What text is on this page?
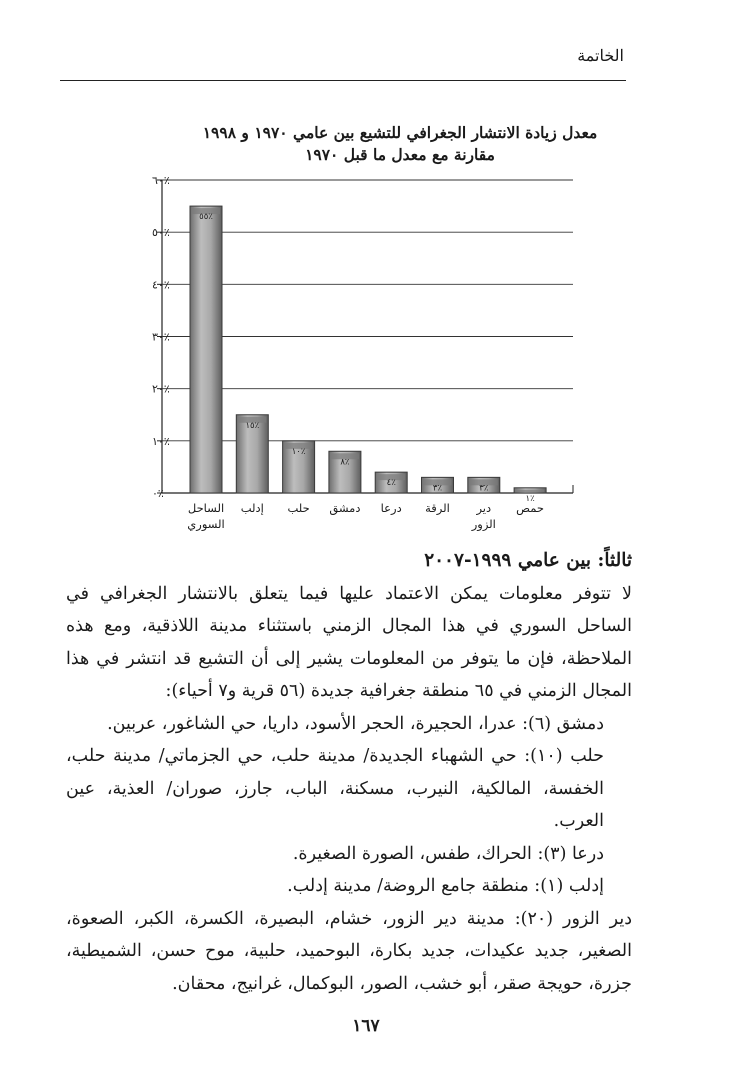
الخاتمة
معدل زيادة الانتشار الجغرافي للتشيع بين عامي ١٩٧٠ و ١٩٩٨
مقارنة مع معدل ما قبل ١٩٧٠
٪٠
٪١٠
٪٢٠
٪٣٠
٪٤٠
٪٥٠
٪٦٠
٪٥٥
الساحل
السوري
٪١٥
إدلب
٪١٠
حلب
٪٨
دمشق
٪٤
درعا
٪٣
الرقة
٪٣
دير
الزور
٪١
حمص

ثالثاً: بين عامي ١٩٩٩-٢٠٠٧

لا تتوفر معلومات يمكن الاعتماد عليها فيما يتعلق بالانتشار الجغرافي في الساحل السوري في هذا المجال الزمني باستثناء مدينة اللاذقية، ومع هذه الملاحظة، فإن ما يتوفر من المعلومات يشير إلى أن التشيع قد انتشر في هذا المجال الزمني في ٦٥ منطقة جغرافية جديدة (٥٦ قرية و٧ أحياء):

دمشق (٦): عدرا، الحجيرة، الحجر الأسود، داريا، حي الشاغور، عربين.

حلب (١٠): حي الشهباء الجديدة/ مدينة حلب، حي الجزماتي/ مدينة حلب، الخفسة، المالكية، النيرب، مسكنة، الباب، جارز، صوران/ العذية، عين العرب.

درعا (٣): الحراك، طفس، الصورة الصغيرة.

إدلب (١): منطقة جامع الروضة/ مدينة إدلب.

دير الزور (٢٠): مدينة دير الزور، خشام، البصيرة، الكسرة، الكبر، الصعوة، الصغير، جديد عكيدات، جديد بكارة، البوحميد، حلبية، موح حسن، الشميطية، جزرة، حويجة صقر، أبو خشب، الصور، البوكمال، غرانيج، محقان.

١٦٧
